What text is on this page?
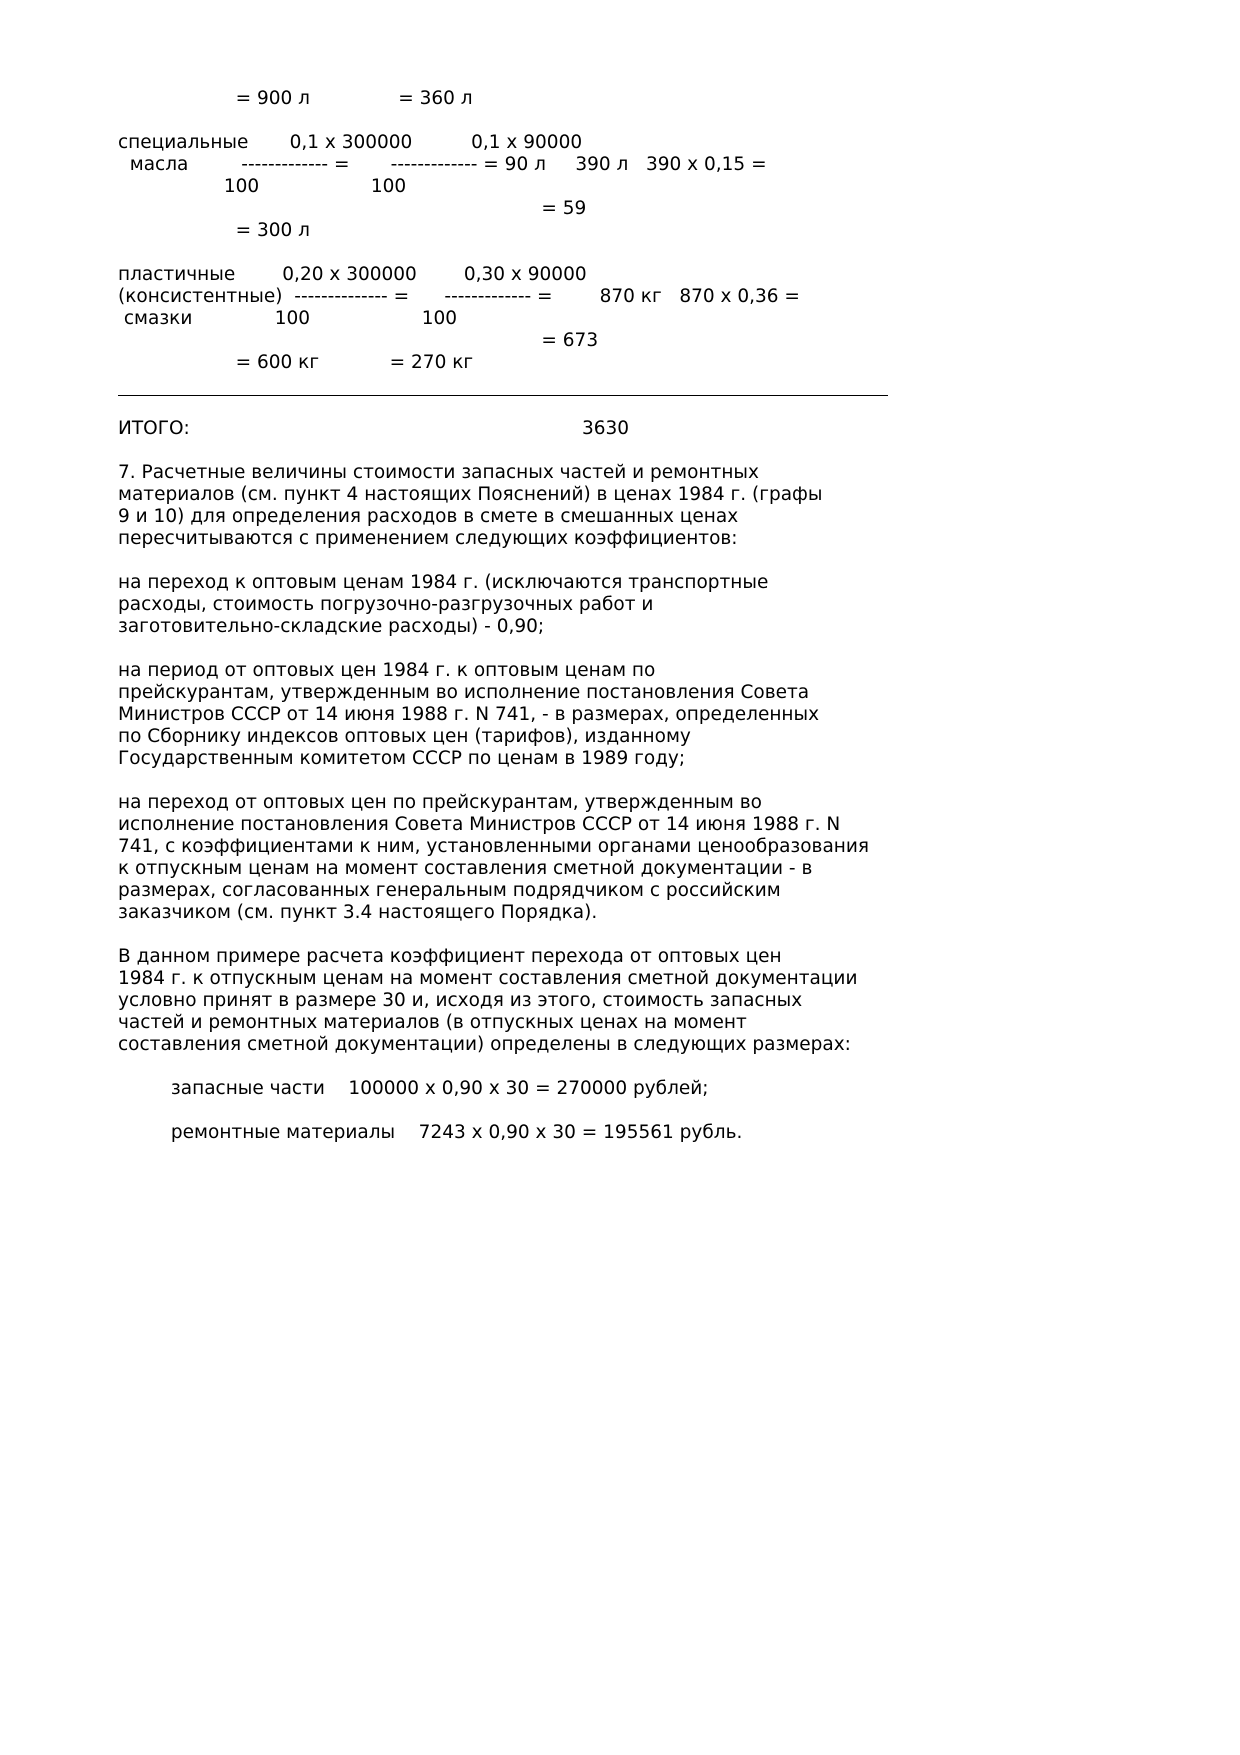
= 900 л               = 360 л
специальные       0,1 х 300000          0,1 х 90000
масла         ------------- =       ------------- = 90 л     390 л   390 х 0,15 =
100                   100
= 59
= 300 л
пластичные        0,20 х 300000        0,30 х 90000
(консистентные)  -------------- =      ------------- =        870 кг   870 х 0,36 =
смазки              100                   100
= 673
= 600 кг            = 270 кг
ИТОГО:	3630
7. Расчетные величины стоимости запасных частей и ремонтных
материалов (см. пункт 4 настоящих Пояснений) в ценах 1984 г. (графы
9 и 10) для определения расходов в смете в смешанных ценах
пересчитываются с применением следующих коэффициентов:
на переход к оптовым ценам 1984 г. (исключаются транспортные
расходы, стоимость погрузочно-разгрузочных работ и
заготовительно-складские расходы) - 0,90;
на период от оптовых цен 1984 г. к оптовым ценам по
прейскурантам, утвержденным во исполнение постановления Совета
Министров СССР от 14 июня 1988 г. N 741, - в размерах, определенных
по Сборнику индексов оптовых цен (тарифов), изданному
Государственным комитетом СССР по ценам в 1989 году;
на переход от оптовых цен по прейскурантам, утвержденным во
исполнение постановления Совета Министров СССР от 14 июня 1988 г. N
741, с коэффициентами к ним, установленными органами ценообразования
к отпускным ценам на момент составления сметной документации - в
размерах, согласованных генеральным подрядчиком с российским
заказчиком (см. пункт 3.4 настоящего Порядка).
В данном примере расчета коэффициент перехода от оптовых цен
1984 г. к отпускным ценам на момент составления сметной документации
условно принят в размере 30 и, исходя из этого, стоимость запасных
частей и ремонтных материалов (в отпускных ценах на момент
составления сметной документации) определены в следующих размерах:
запасные части    100000 х 0,90 х 30 = 270000 рублей;
ремонтные материалы    7243 х 0,90 х 30 = 195561 рубль.
